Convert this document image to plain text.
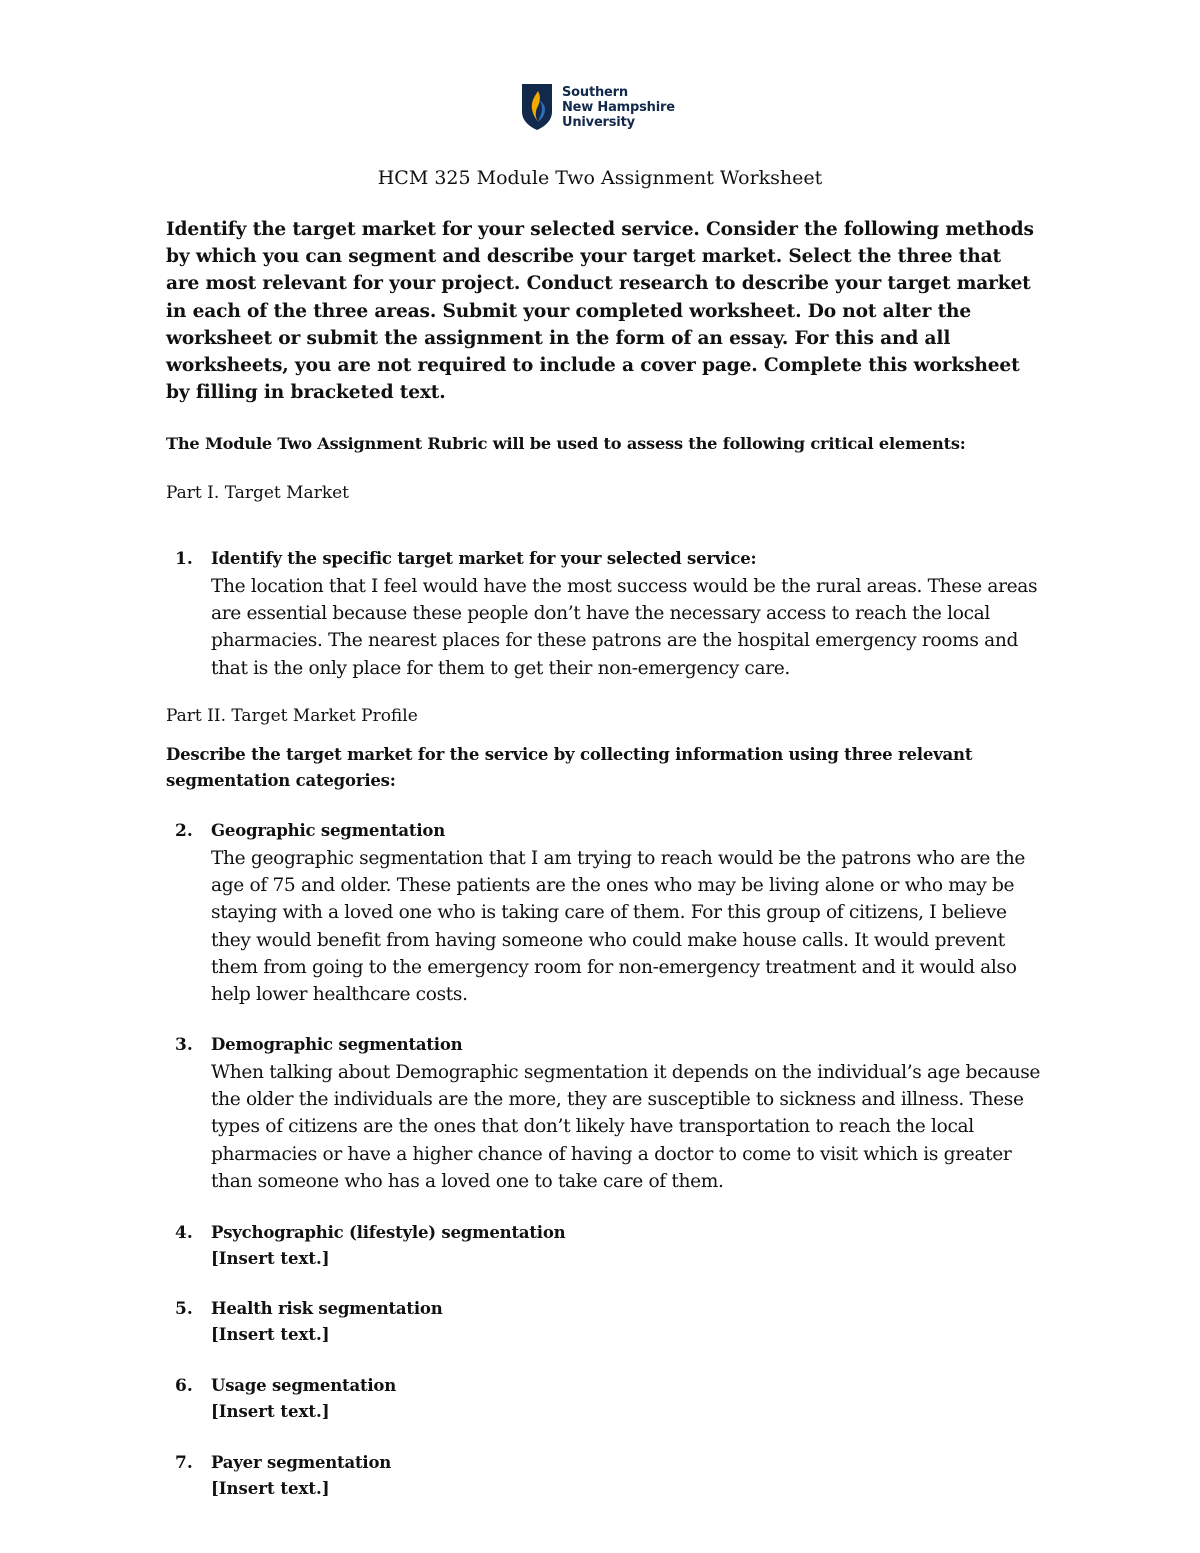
Southern
New Hampshire
University
HCM 325 Module Two Assignment Worksheet
Identify the target market for your selected service. Consider the following methods by which you can segment and describe your target market. Select the three that are most relevant for your project. Conduct research to describe your target market in each of the three areas. Submit your completed worksheet. Do not alter the worksheet or submit the assignment in the form of an essay. For this and all worksheets, you are not required to include a cover page. Complete this worksheet by filling in bracketed text.
The Module Two Assignment Rubric will be used to assess the following critical elements:
Part I. Target Market
1. Identify the specific target market for your selected service:
The location that I feel would have the most success would be the rural areas. These areas are essential because these people don’t have the necessary access to reach the local pharmacies. The nearest places for these patrons are the hospital emergency rooms and that is the only place for them to get their non-emergency care.
Part II. Target Market Profile
Describe the target market for the service by collecting information using three relevant segmentation categories:
2. Geographic segmentation
The geographic segmentation that I am trying to reach would be the patrons who are the age of 75 and older. These patients are the ones who may be living alone or who may be staying with a loved one who is taking care of them. For this group of citizens, I believe they would benefit from having someone who could make house calls. It would prevent them from going to the emergency room for non-emergency treatment and it would also help lower healthcare costs.
3. Demographic segmentation
When talking about Demographic segmentation it depends on the individual’s age because the older the individuals are the more, they are susceptible to sickness and illness. These types of citizens are the ones that don’t likely have transportation to reach the local pharmacies or have a higher chance of having a doctor to come to visit which is greater than someone who has a loved one to take care of them.
4. Psychographic (lifestyle) segmentation
[Insert text.]
5. Health risk segmentation
[Insert text.]
6. Usage segmentation
[Insert text.]
7. Payer segmentation
[Insert text.]
